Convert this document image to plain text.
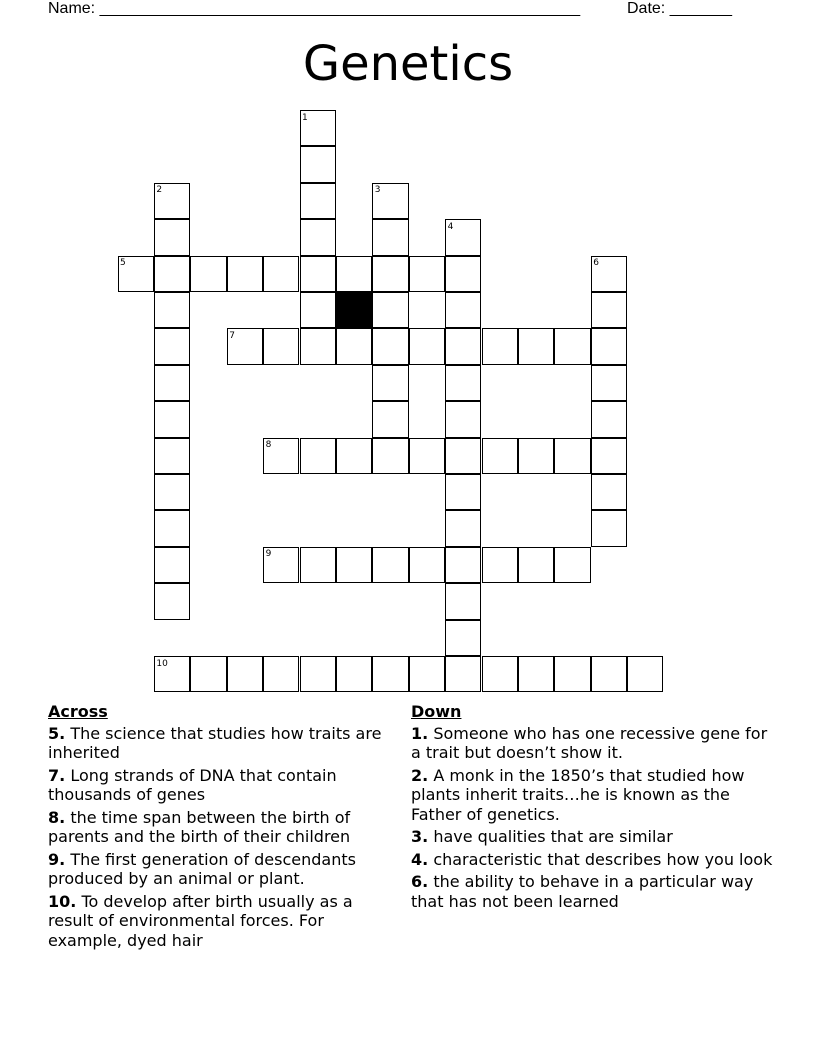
Name: ______________________________________________________	Date: _______
Genetics
1
2	3
4
5	6
7
8
9
10
Across
5. The science that studies how traits are inherited
7. Long strands of DNA that contain thousands of genes
8. the time span between the birth of parents and the birth of their children
9. The first generation of descendants produced by an animal or plant.
10. To develop after birth usually as a result of environmental forces. For example, dyed hair
Down
1. Someone who has one recessive gene for a trait but doesn’t show it.
2. A monk in the 1850’s that studied how plants inherit traits…he is known as the Father of genetics.
3. have qualities that are similar
4. characteristic that describes how you look
6. the ability to behave in a particular way that has not been learned
